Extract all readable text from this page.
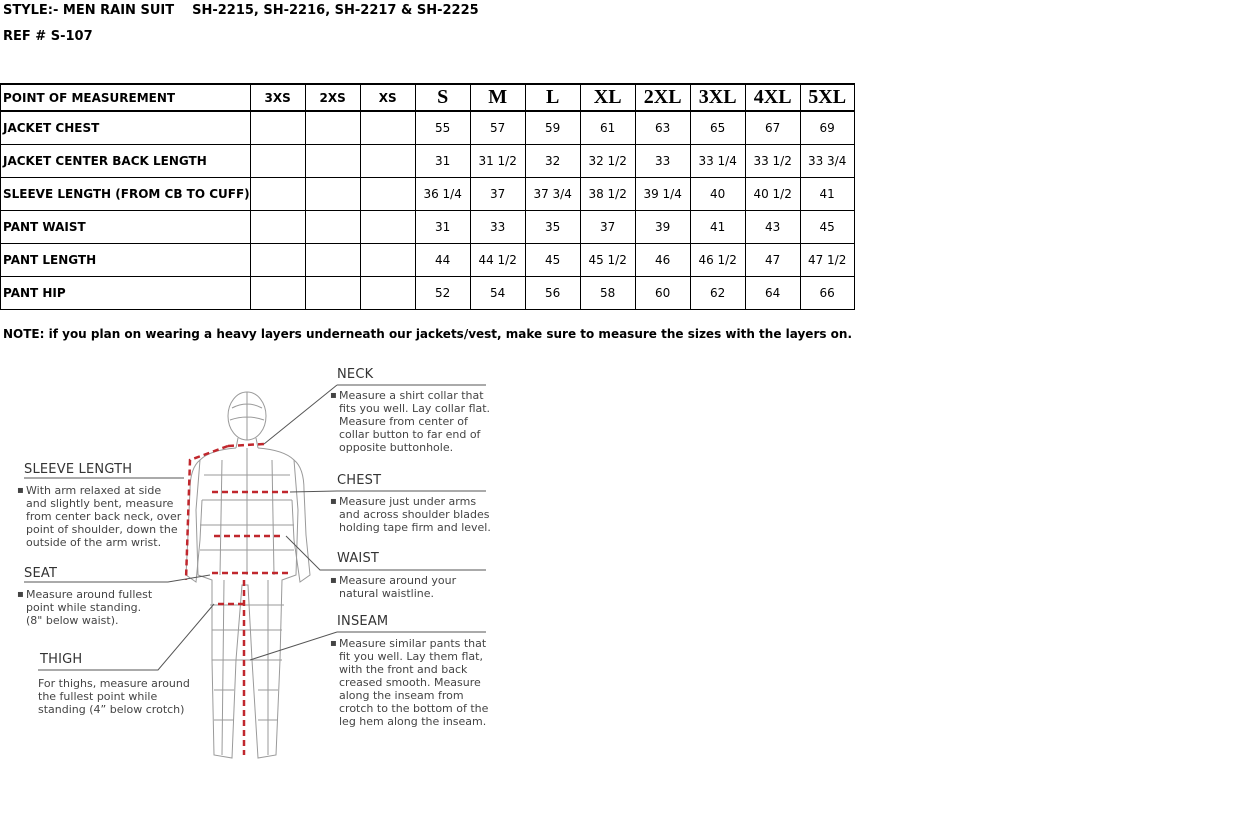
STYLE:- MEN RAIN SUIT SH-2215, SH-2216, SH-2217 & SH-2225
REF # S-107
POINT OF MEASUREMENT	3XS	2XS	XS	S	M	L	XL	2XL	3XL	4XL	5XL
JACKET CHEST				55	57	59	61	63	65	67	69
JACKET CENTER BACK LENGTH				31	31 1/2	32	32 1/2	33	33 1/4	33 1/2	33 3/4
SLEEVE LENGTH (FROM CB TO CUFF)				36 1/4	37	37 3/4	38 1/2	39 1/4	40	40 1/2	41
PANT WAIST				31	33	35	37	39	41	43	45
PANT LENGTH				44	44 1/2	45	45 1/2	46	46 1/2	47	47 1/2
PANT HIP				52	54	56	58	60	62	64	66
NOTE: if you plan on wearing a heavy layers underneath our jackets/vest, make sure to measure the sizes with the layers on.
NECK
▪ Measure a shirt collar that
fits you well. Lay collar flat.
Measure from center of
collar button to far end of
opposite buttonhole.
CHEST
▪ Measure just under arms
and across shoulder blades
holding tape firm and level.
WAIST
▪ Measure around your
natural waistline.
INSEAM
▪ Measure similar pants that
fit you well. Lay them flat,
with the front and back
creased smooth. Measure
along the inseam from
crotch to the bottom of the
leg hem along the inseam.
SLEEVE LENGTH
▪ With arm relaxed at side
and slightly bent, measure
from center back neck, over
point of shoulder, down the
outside of the arm wrist.
SEAT
▪ Measure around fullest
point while standing.
(8" below waist).
THIGH
For thighs, measure around
the fullest point while
standing (4” below crotch)
